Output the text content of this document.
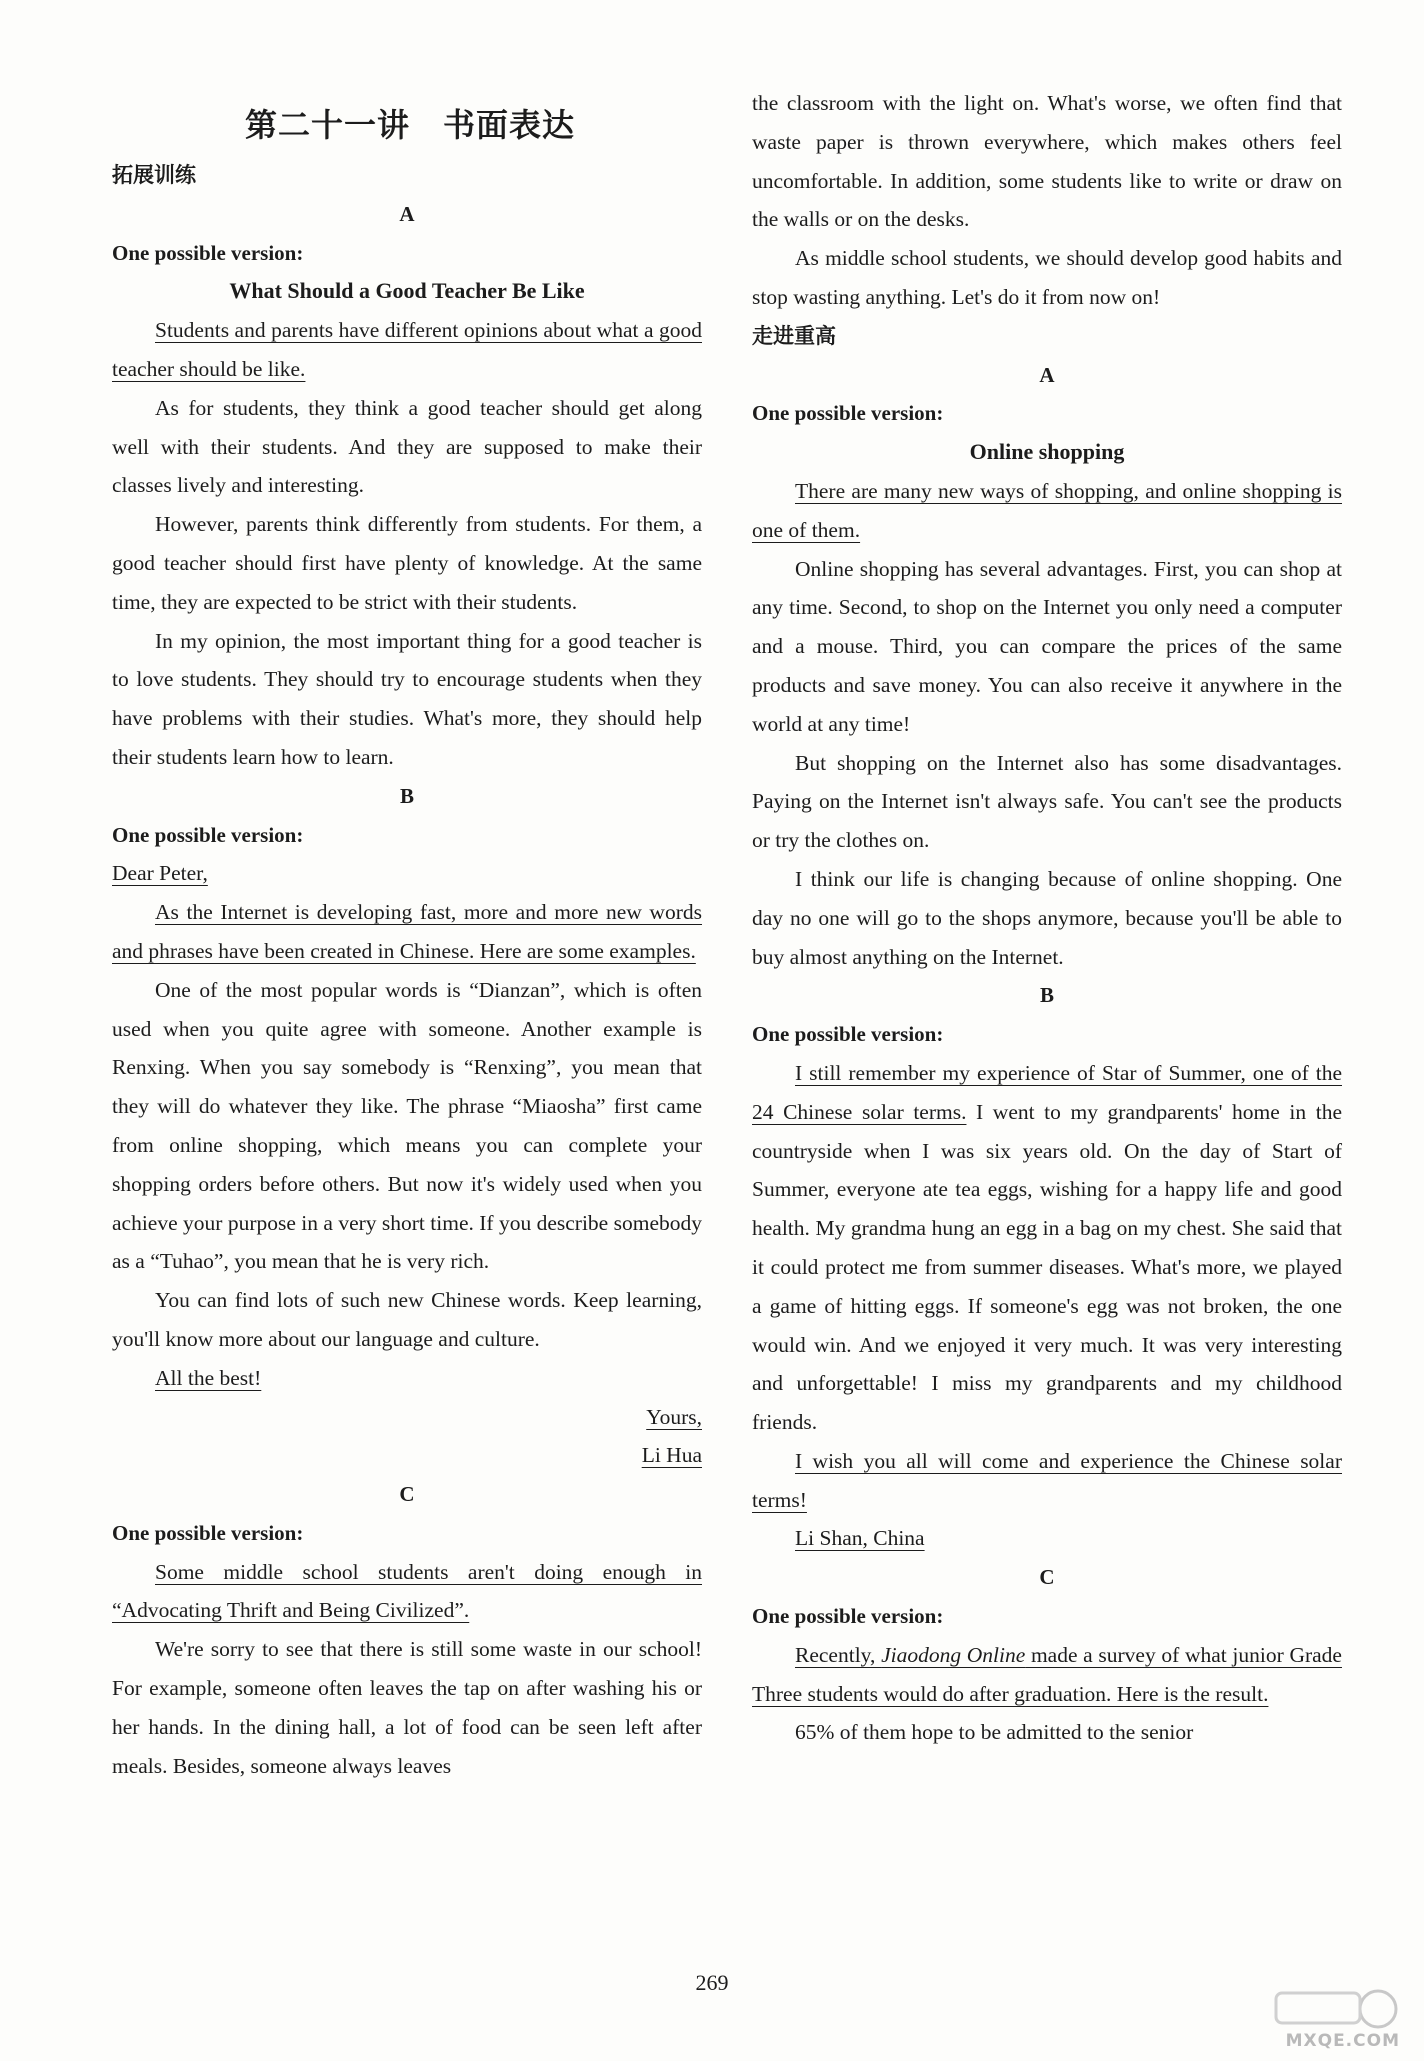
第二十一讲　书面表达
拓展训练
A
One possible version:
What Should a Good Teacher Be Like

Students and parents have different opinions about what a good teacher should be like.

As for students, they think a good teacher should get along well with their students. And they are supposed to make their classes lively and interesting.

However, parents think differently from students. For them, a good teacher should first have plenty of knowledge. At the same time, they are expected to be strict with their students.

In my opinion, the most important thing for a good teacher is to love students. They should try to encourage students when they have problems with their studies. What's more, they should help their students learn how to learn.

B
One possible version:

Dear Peter,

As the Internet is developing fast, more and more new words and phrases have been created in Chinese. Here are some examples.

One of the most popular words is “Dianzan”, which is often used when you quite agree with someone. Another example is Renxing. When you say somebody is “Renxing”, you mean that they will do whatever they like. The phrase “Miaosha” first came from online shopping, which means you can complete your shopping orders before others. But now it's widely used when you achieve your purpose in a very short time. If you describe somebody as a “Tuhao”, you mean that he is very rich.

You can find lots of such new Chinese words. Keep learning, you'll know more about our language and culture.

All the best!

Yours,
Li Hua
C
One possible version:

Some middle school students aren't doing enough in “Advocating Thrift and Being Civilized”.

We're sorry to see that there is still some waste in our school! For example, someone often leaves the tap on after washing his or her hands. In the dining hall, a lot of food can be seen left after meals. Besides, someone always leaves

the classroom with the light on. What's worse, we often find that waste paper is thrown everywhere, which makes others feel uncomfortable. In addition, some students like to write or draw on the walls or on the desks.

As middle school students, we should develop good habits and stop wasting anything. Let's do it from now on!

走进重高
A
One possible version:
Online shopping

There are many new ways of shopping, and online shopping is one of them.

Online shopping has several advantages. First, you can shop at any time. Second, to shop on the Internet you only need a computer and a mouse. Third, you can compare the prices of the same products and save money. You can also receive it anywhere in the world at any time!

But shopping on the Internet also has some disadvantages. Paying on the Internet isn't always safe. You can't see the products or try the clothes on.

I think our life is changing because of online shopping. One day no one will go to the shops anymore, because you'll be able to buy almost anything on the Internet.

B
One possible version:

I still remember my experience of Star of Summer, one of the 24 Chinese solar terms. I went to my grandparents' home in the countryside when I was six years old. On the day of Start of Summer, everyone ate tea eggs, wishing for a happy life and good health. My grandma hung an egg in a bag on my chest. She said that it could protect me from summer diseases. What's more, we played a game of hitting eggs. If someone's egg was not broken, the one would win. And we enjoyed it very much. It was very interesting and unforgettable! I miss my grandparents and my childhood friends.

I wish you all will come and experience the Chinese solar terms!

Li Shan, China

C
One possible version:

Recently, Jiaodong Online made a survey of what junior Grade Three students would do after graduation. Here is the result.

65% of them hope to be admitted to the senior

269
MXQE.COM
